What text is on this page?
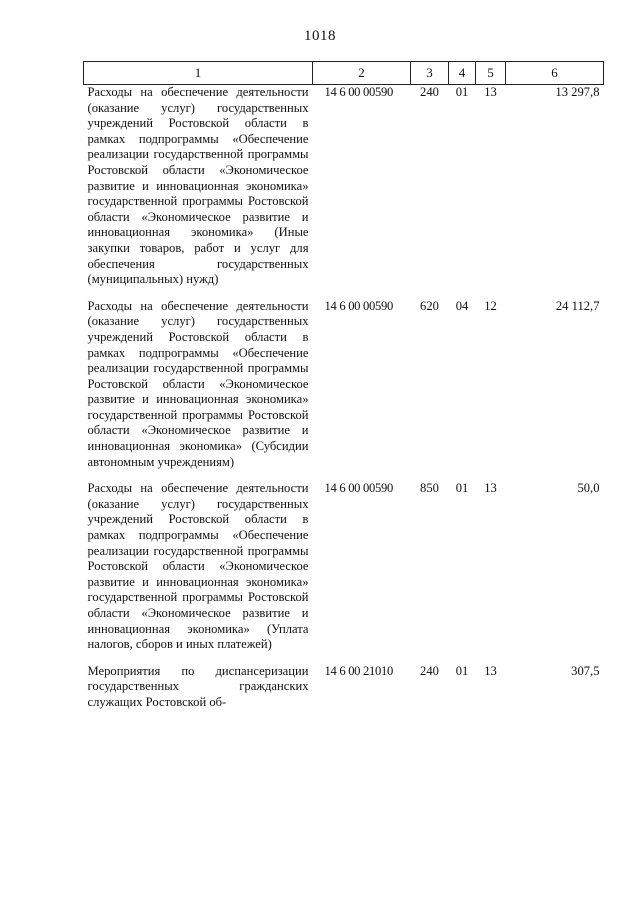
1018
1	2	3	4	5	6
Расходы на обеспечение деятельности (оказание услуг) государственных учреждений Ростовской области в рамках подпрограммы «Обеспечение реализации государственной программы Ростовской области «Экономическое развитие и инновационная экономика» государственной программы Ростовской области «Экономическое развитие и инновационная экономика» (Иные закупки товаров, работ и услуг для обеспечения государственных (муниципальных) нужд)	14 6 00 00590	240	01	13	13 297,8
Расходы на обеспечение деятельности (оказание услуг) государственных учреждений Ростовской области в рамках подпрограммы «Обеспечение реализации государственной программы Ростовской области «Экономическое развитие и инновационная экономика» государственной программы Ростовской области «Экономическое развитие и инновационная экономика» (Субсидии автономным учреждениям)	14 6 00 00590	620	04	12	24 112,7
Расходы на обеспечение деятельности (оказание услуг) государственных учреждений Ростовской области в рамках подпрограммы «Обеспечение реализации государственной программы Ростовской области «Экономическое развитие и инновационная экономика» государственной программы Ростовской области «Экономическое развитие и инновационная экономика» (Уплата налогов, сборов и иных платежей)	14 6 00 00590	850	01	13	50,0
Мероприятия по диспансеризации государственных гражданских служащих Ростовской об-	14 6 00 21010	240	01	13	307,5
